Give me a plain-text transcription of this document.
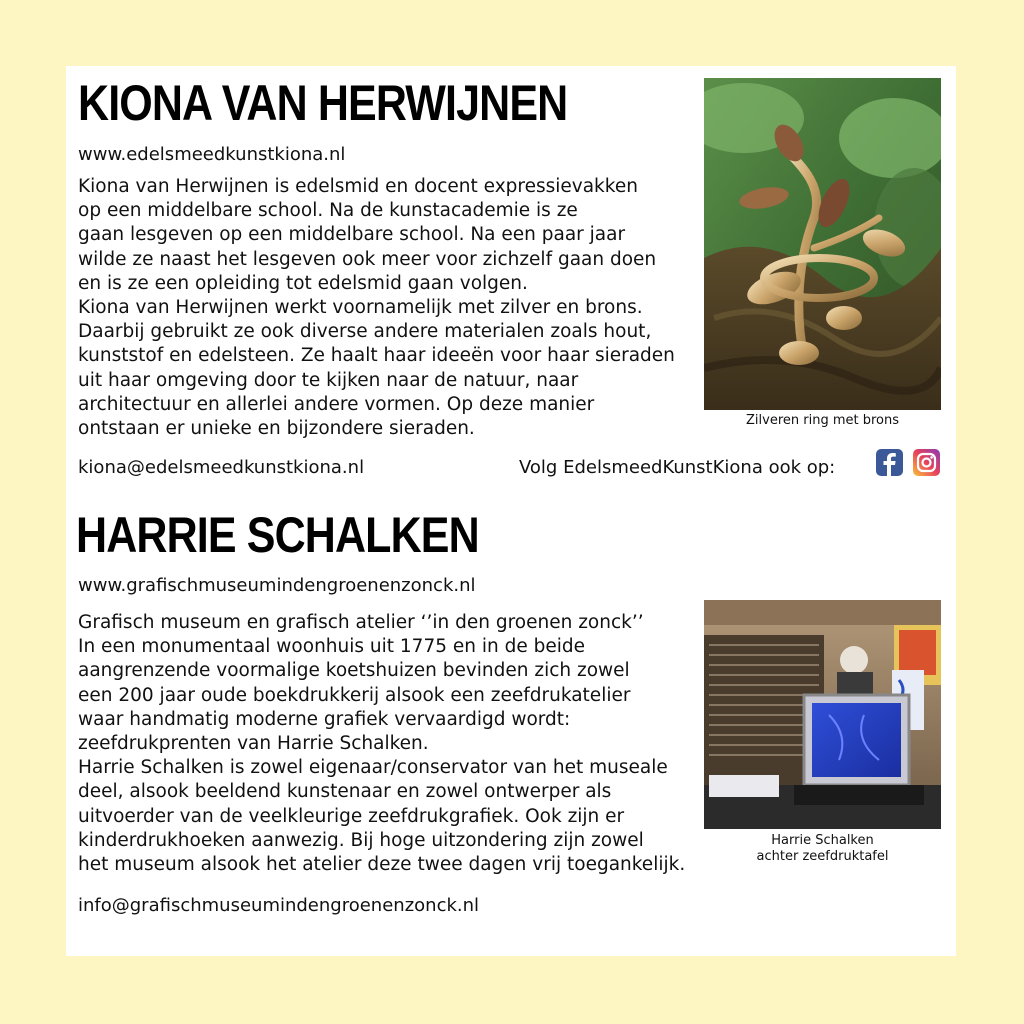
KIONA VAN HERWIJNEN
www.edelsmeedkunstkiona.nl
Kiona van Herwijnen is edelsmid en docent expressievakken
op een middelbare school. Na de kunstacademie is ze
gaan lesgeven op een middelbare school. Na een paar jaar
wilde ze naast het lesgeven ook meer voor zichzelf gaan doen
en is ze een opleiding tot edelsmid gaan volgen.
Kiona van Herwijnen werkt voornamelijk met zilver en brons.
Daarbij gebruikt ze ook diverse andere materialen zoals hout,
kunststof en edelsteen. Ze haalt haar ideeën voor haar sieraden
uit haar omgeving door te kijken naar de natuur, naar
architectuur en allerlei andere vormen. Op deze manier
ontstaan er unieke en bijzondere sieraden.	Zilveren ring met brons
kiona@edelsmeedkunstkiona.nl	Volg EdelsmeedKunstKiona ook op:
HARRIE SCHALKEN
www.grafischmuseumindengroenenzonck.nl
Grafisch museum en grafisch atelier ‘’in den groenen zonck’’
In een monumentaal woonhuis uit 1775 en in de beide
aangrenzende voormalige koetshuizen bevinden zich zowel
een 200 jaar oude boekdrukkerij alsook een zeefdrukatelier
waar handmatig moderne grafiek vervaardigd wordt:
zeefdrukprenten van Harrie Schalken.
Harrie Schalken is zowel eigenaar/conservator van het museale
deel, alsook beeldend kunstenaar en zowel ontwerper als
uitvoerder van de veelkleurige zeefdrukgrafiek. Ook zijn er
kinderdrukhoeken aanwezig. Bij hoge uitzondering zijn zowel
het museum alsook het atelier deze twee dagen vrij toegankelijk.
Harrie Schalken
achter zeefdruktafel
info@grafischmuseumindengroenenzonck.nl
